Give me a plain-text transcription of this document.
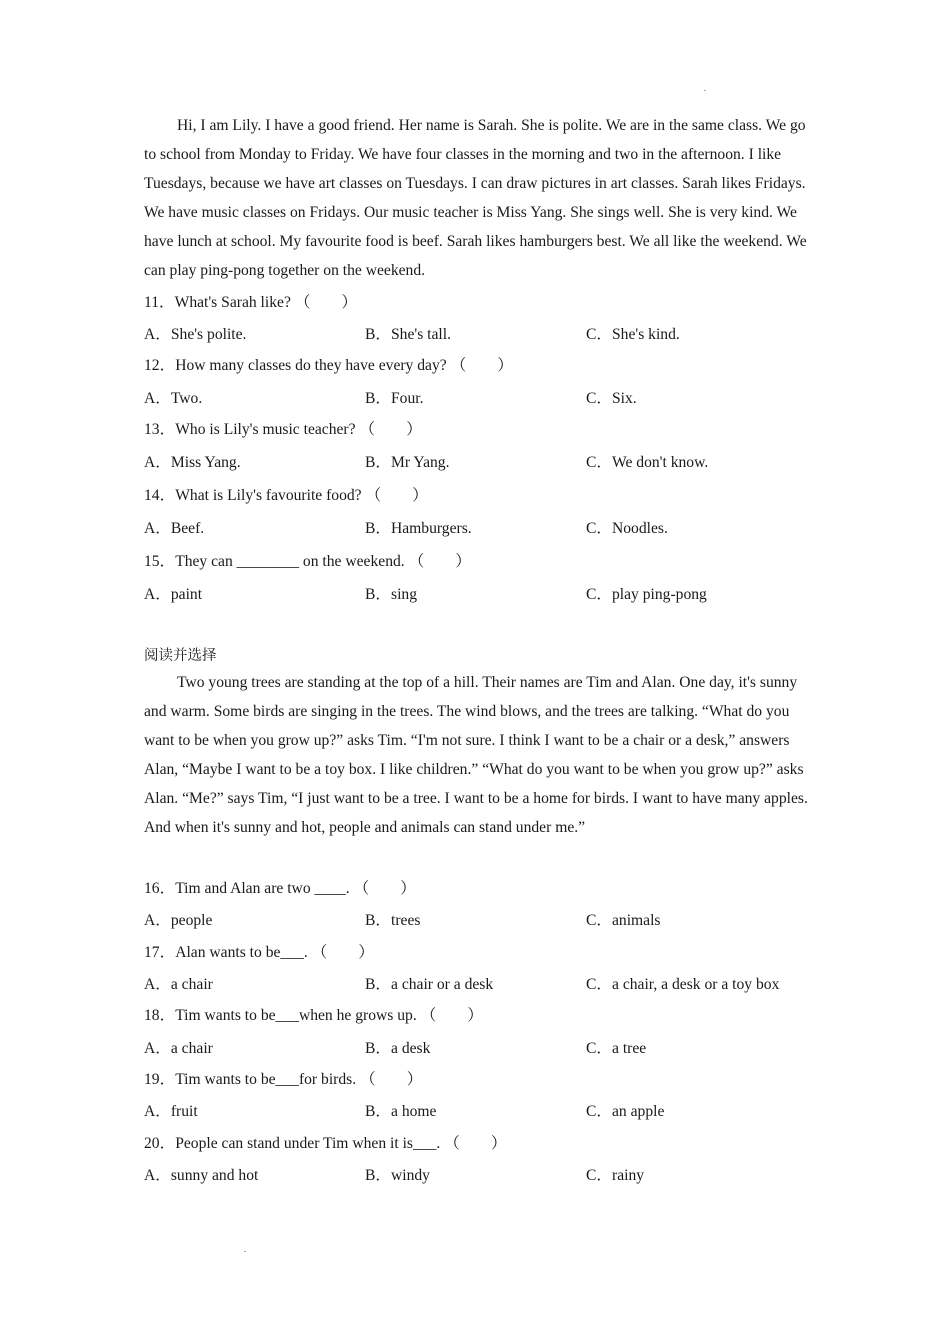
Hi, I am Lily. I have a good friend. Her name is Sarah. She is polite. We are in the same class. We go to school from Monday to Friday. We have four classes in the morning and two in the afternoon. I like Tuesdays, because we have art classes on Tuesdays. I can draw pictures in art classes. Sarah likes Fridays. We have music classes on Fridays. Our music teacher is Miss Yang. She sings well. She is very kind. We have lunch at school. My favourite food is beef. Sarah likes hamburgers best. We all like the weekend. We can play ping-pong together on the weekend.

11．What's Sarah like? （　　）
A．She's polite.	B．She's tall.	C．She's kind.
12．How many classes do they have every day? （　　）
A．Two.	B．Four.	C．Six.
13．Who is Lily's music teacher? （　　）
A．Miss Yang.	B．Mr Yang.	C．We don't know.
14．What is Lily's favourite food? （　　）
A．Beef.	B．Hamburgers.	C．Noodles.
15．They can ________ on the weekend. （　　）
A．paint	B．sing	C．play ping-pong
阅读并选择

Two young trees are standing at the top of a hill. Their names are Tim and Alan. One day, it's sunny and warm. Some birds are singing in the trees. The wind blows, and the trees are talking. “What do you want to be when you grow up?” asks Tim. “I'm not sure. I think I want to be a chair or a desk,” answers Alan, “Maybe I want to be a toy box. I like children.” “What do you want to be when you grow up?” asks Alan. “Me?” says Tim, “I just want to be a tree. I want to be a home for birds. I want to have many apples. And when it's sunny and hot, people and animals can stand under me.”

16．Tim and Alan are two ____. （　　）
A．people	B．trees	C．animals
17．Alan wants to be___. （　　）
A．a chair	B．a chair or a desk	C．a chair, a desk or a toy box
18．Tim wants to be___when he grows up. （　　）
A．a chair	B．a desk	C．a tree
19．Tim wants to be___for birds. （　　）
A．fruit	B．a home	C．an apple
20．People can stand under Tim when it is___. （　　）
A．sunny and hot	B．windy	C．rainy
